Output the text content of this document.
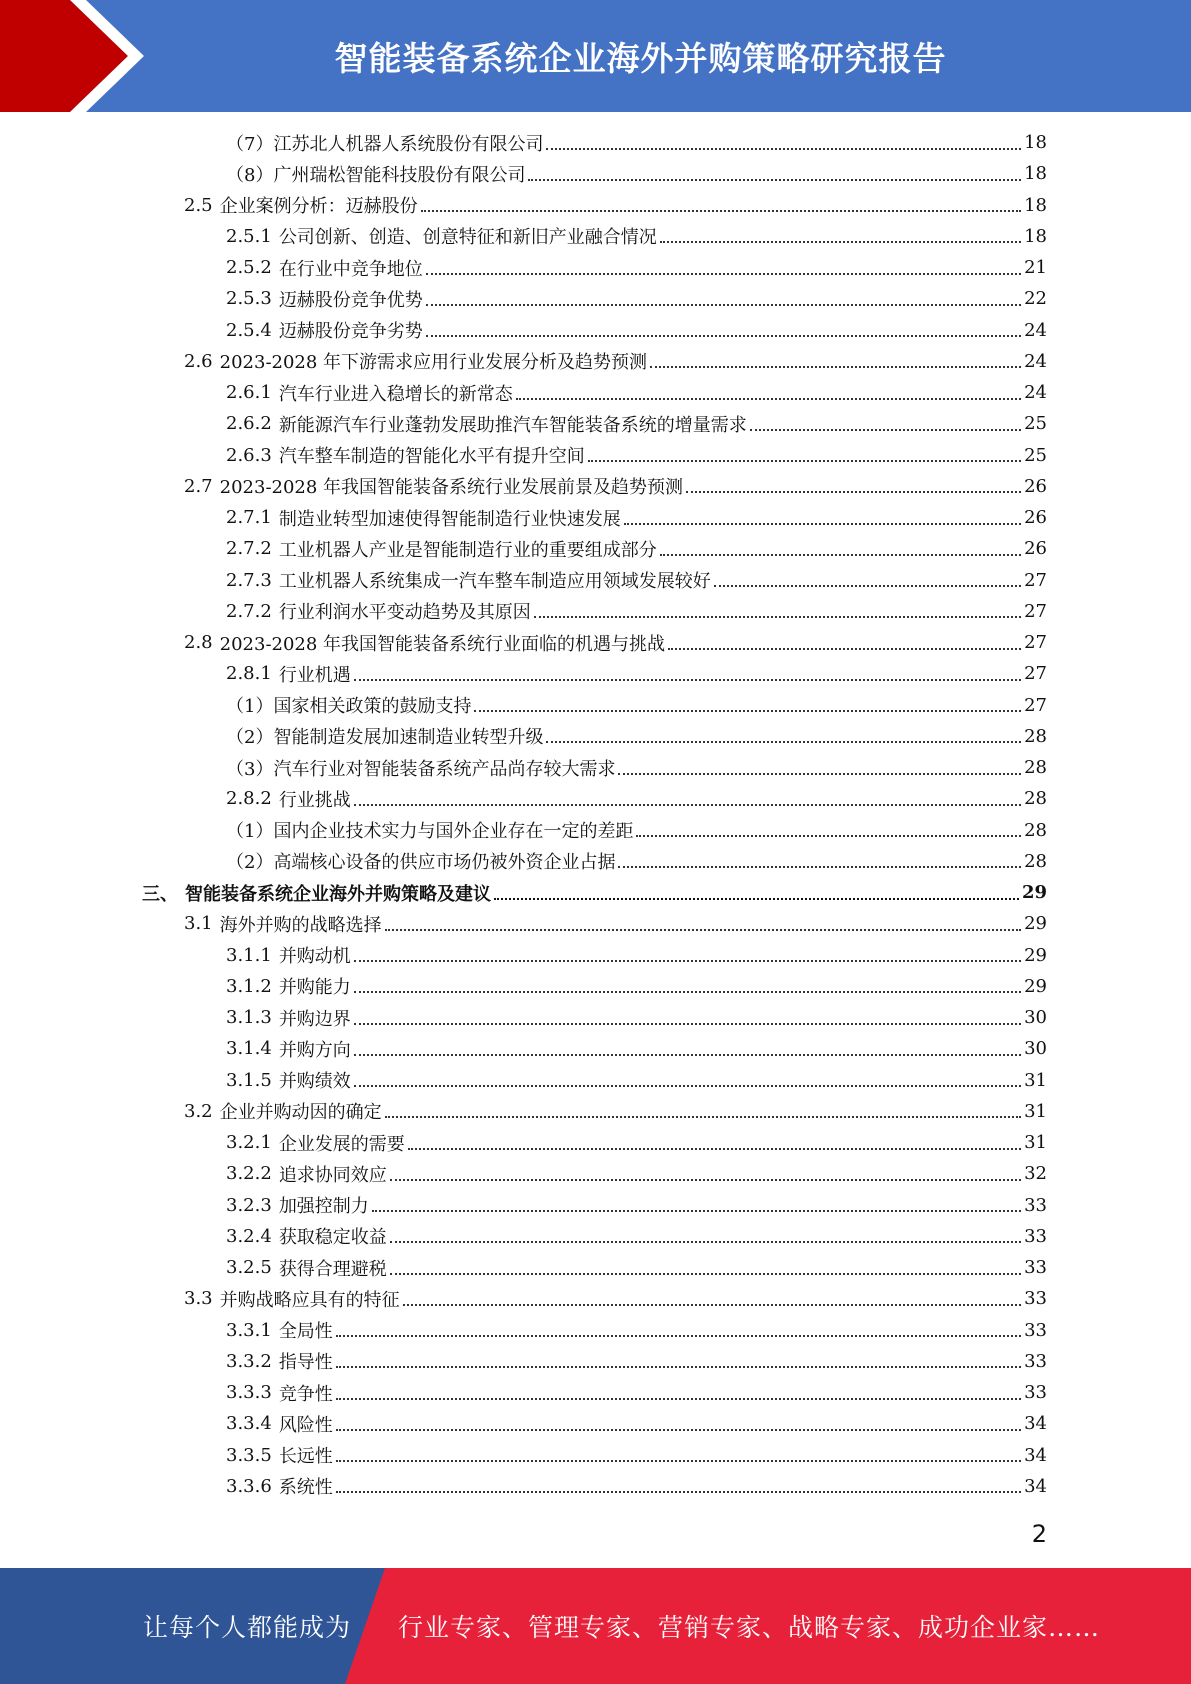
智能装备系统企业海外并购策略研究报告
（7） 江苏北人机器人系统股份有限公司	18
（8） 广州瑞松智能科技股份有限公司	18
2.5 企业案例分析：迈赫股份	18
2.5.1 公司创新、创造、创意特征和新旧产业融合情况	18
2.5.2 在行业中竞争地位	21
2.5.3 迈赫股份竞争优势	22
2.5.4 迈赫股份竞争劣势	24
2.6 2023-2028 年下游需求应用行业发展分析及趋势预测	24
2.6.1 汽车行业进入稳增长的新常态	24
2.6.2 新能源汽车行业蓬勃发展助推汽车智能装备系统的增量需求	25
2.6.3 汽车整车制造的智能化水平有提升空间	25
2.7 2023-2028 年我国智能装备系统行业发展前景及趋势预测	26
2.7.1 制造业转型加速使得智能制造行业快速发展	26
2.7.2 工业机器人产业是智能制造行业的重要组成部分	26
2.7.3 工业机器人系统集成一汽车整车制造应用领域发展较好	27
2.7.2 行业利润水平变动趋势及其原因	27
2.8 2023-2028 年我国智能装备系统行业面临的机遇与挑战	27
2.8.1 行业机遇	27
（1） 国家相关政策的鼓励支持	27
（2） 智能制造发展加速制造业转型升级	28
（3） 汽车行业对智能装备系统产品尚存较大需求	28
2.8.2 行业挑战	28
（1） 国内企业技术实力与国外企业存在一定的差距	28
（2） 高端核心设备的供应市场仍被外资企业占据	28
三、 智能装备系统企业海外并购策略及建议	29
3.1 海外并购的战略选择	29
3.1.1 并购动机	29
3.1.2 并购能力	29
3.1.3 并购边界	30
3.1.4 并购方向	30
3.1.5 并购绩效	31
3.2 企业并购动因的确定	31
3.2.1 企业发展的需要	31
3.2.2 追求协同效应	32
3.2.3 加强控制力	33
3.2.4 获取稳定收益	33
3.2.5 获得合理避税	33
3.3 并购战略应具有的特征	33
3.3.1 全局性	33
3.3.2 指导性	33
3.3.3 竞争性	33
3.3.4 风险性	34
3.3.5 长远性	34
3.3.6 系统性	34
2
让每个人都能成为 行业专家、管理专家、营销专家、战略专家、成功企业家……
